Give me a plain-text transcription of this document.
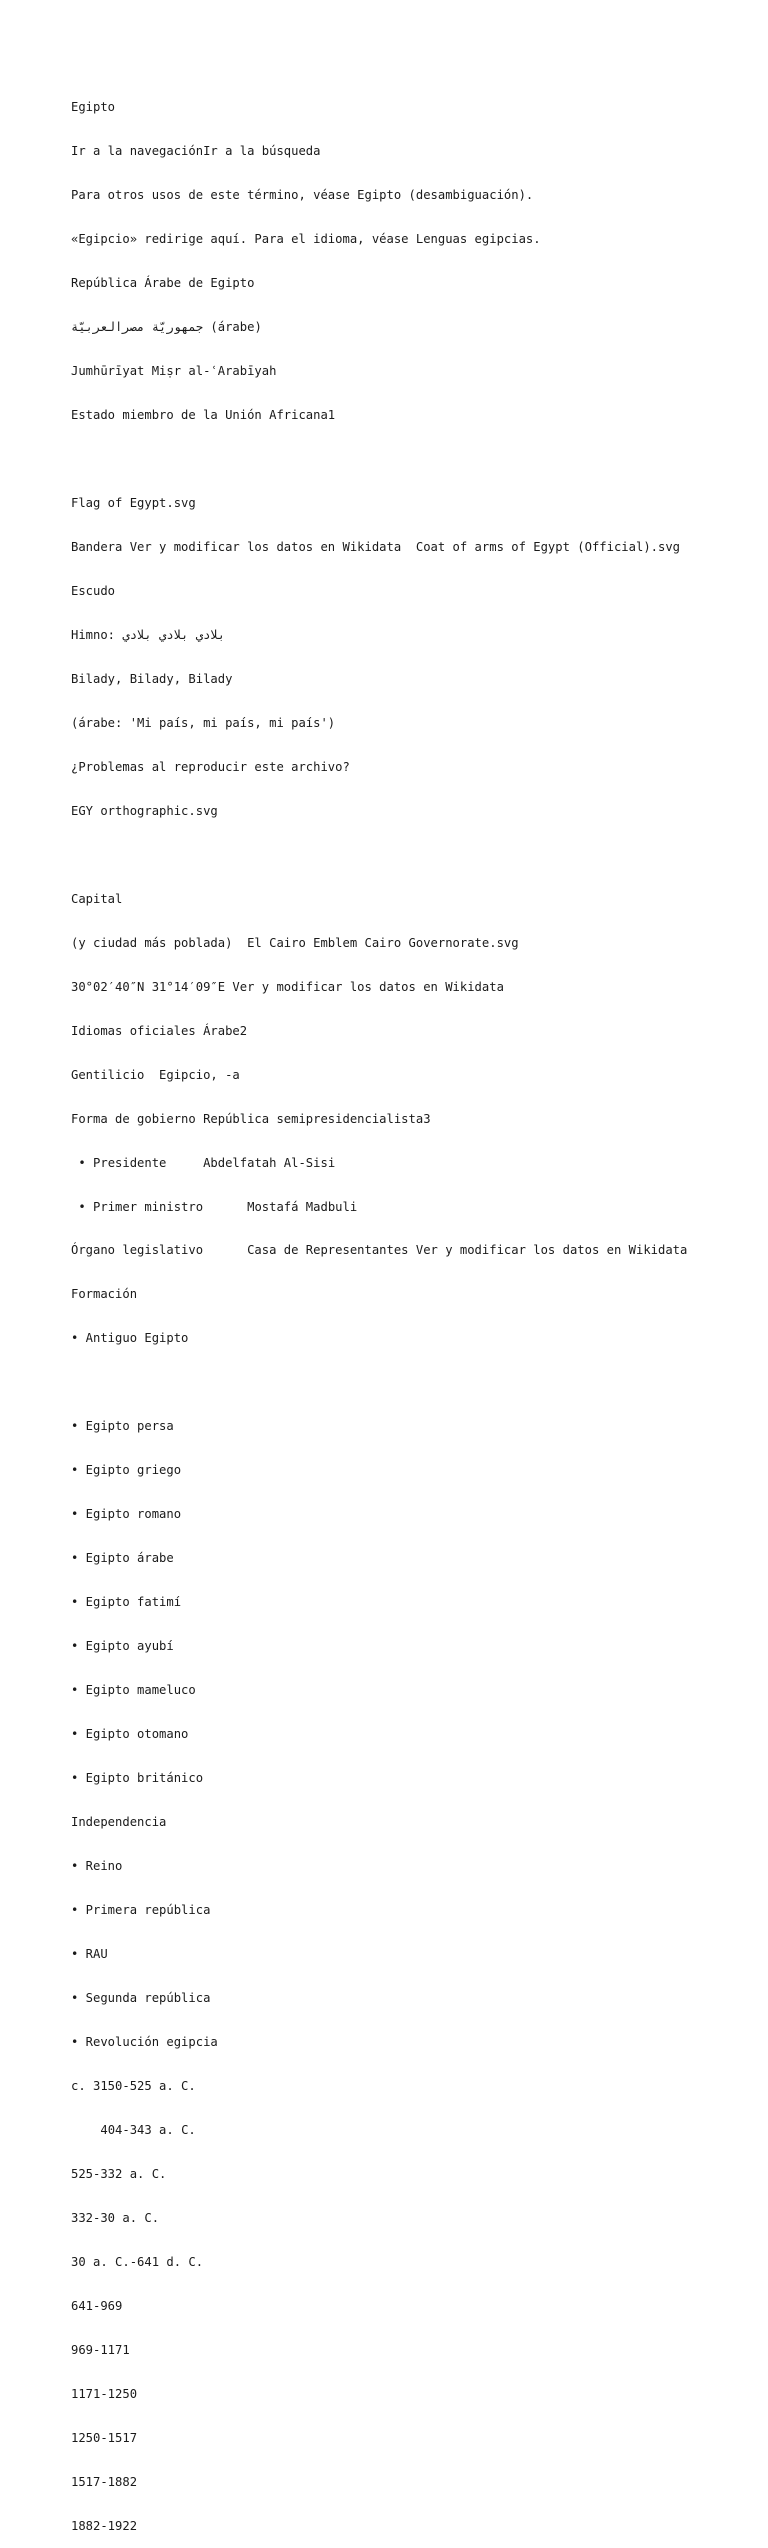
Egipto

Ir a la navegaciónIr a la búsqueda

Para otros usos de este término, véase Egipto (desambiguación).

«Egipcio» redirige aquí. Para el idioma, véase Lenguas egipcias.

República Árabe de Egipto

جمهوريّة مصرالعربيّة (árabe)

Jumhūrīyat Miṣr al-ʿArabīyah

Estado miembro de la Unión Africana1

Flag of Egypt.svg

Bandera Ver y modificar los datos en Wikidata  Coat of arms of Egypt (Official).svg

Escudo

Himno: بلادي بلادي بلادي

Bilady, Bilady, Bilady

(árabe: 'Mi país, mi país, mi país')

¿Problemas al reproducir este archivo?

EGY orthographic.svg

Capital

(y ciudad más poblada)  El Cairo Emblem Cairo Governorate.svg

30°02′40″N 31°14′09″E Ver y modificar los datos en Wikidata

Idiomas oficiales Árabe2

Gentilicio  Egipcio, -a

Forma de gobierno República semipresidencialista3

• Presidente     Abdelfatah Al-Sisi

• Primer ministro      Mostafá Madbuli

Órgano legislativo      Casa de Representantes Ver y modificar los datos en Wikidata

Formación

• Antiguo Egipto

• Egipto persa

• Egipto griego

• Egipto romano

• Egipto árabe

• Egipto fatimí

• Egipto ayubí

• Egipto mameluco

• Egipto otomano

• Egipto británico

Independencia

• Reino

• Primera república

• RAU

• Segunda república

• Revolución egipcia

c. 3150-525 a. C.

404-343 a. C.

525-332 a. C.

332-30 a. C.

30 a. C.-641 d. C.

641-969

969-1171

1171-1250

1250-1517

1517-1882

1882-1922
